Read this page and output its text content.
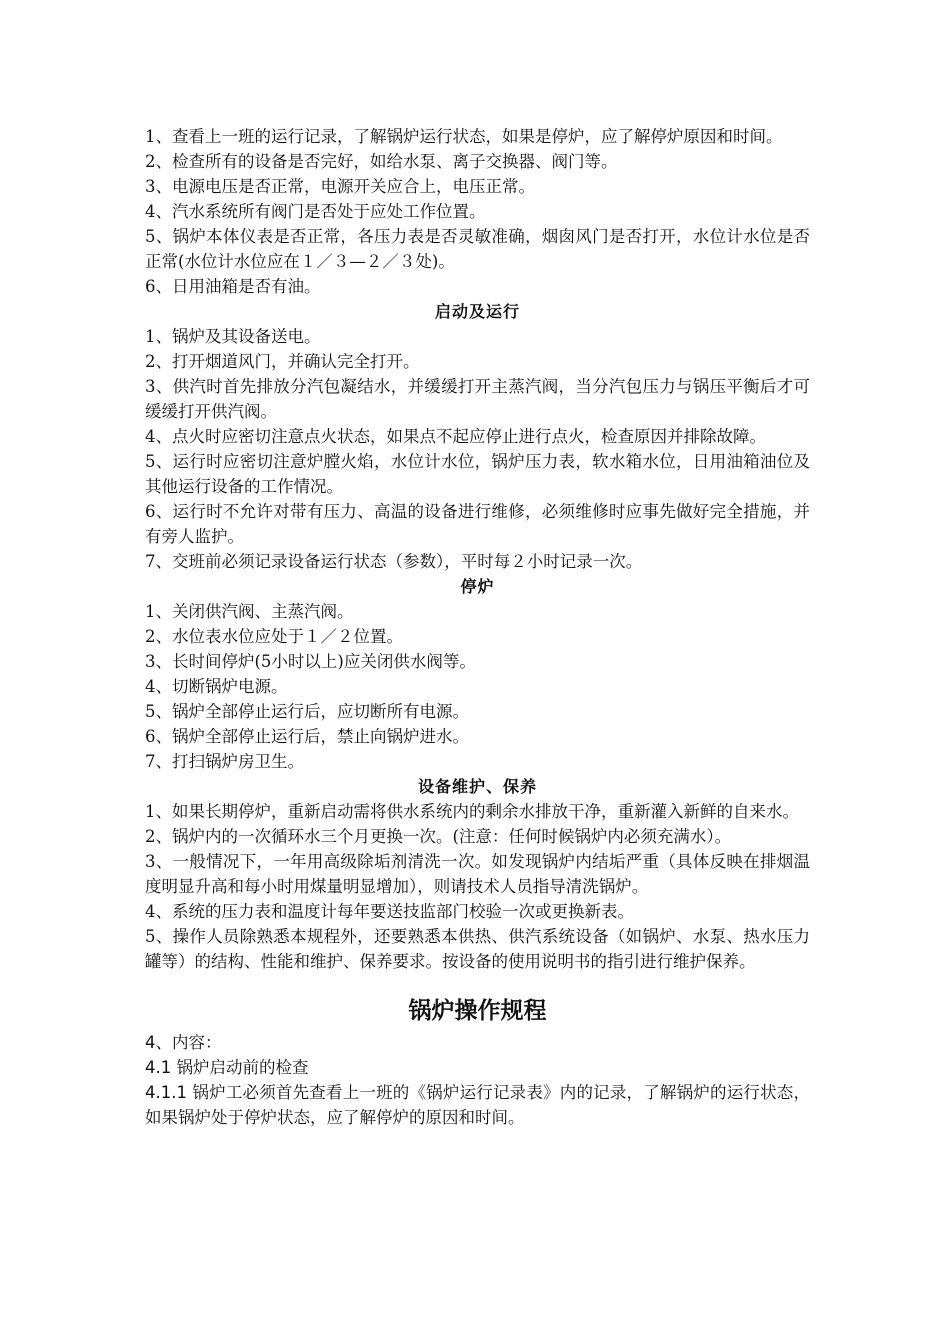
1、查看上一班的运行记录，了解锅炉运行状态，如果是停炉，应了解停炉原因和时间。

2、检查所有的设备是否完好，如给水泵、离子交换器、阀门等。

3、电源电压是否正常，电源开关应合上，电压正常。

4、汽水系统所有阀门是否处于应处工作位置。

5、锅炉本体仪表是否正常，各压力表是否灵敏准确，烟囱风门是否打开，水位计水位是否正常(水位计水位应在１／３—２／３处)。

6、日用油箱是否有油。

启动及运行

1、锅炉及其设备送电。

2、打开烟道风门，并确认完全打开。

3、供汽时首先排放分汽包凝结水，并缓缓打开主蒸汽阀，当分汽包压力与锅压平衡后才可缓缓打开供汽阀。

4、点火时应密切注意点火状态，如果点不起应停止进行点火，检查原因并排除故障。

5、运行时应密切注意炉膛火焰，水位计水位，锅炉压力表，软水箱水位，日用油箱油位及其他运行设备的工作情况。

6、运行时不允许对带有压力、高温的设备进行维修，必须维修时应事先做好完全措施，并有旁人监护。

7、交班前必须记录设备运行状态（参数），平时每２小时记录一次。

停炉

1、关闭供汽阀、主蒸汽阀。

2、水位表水位应处于１／２位置。

3、长时间停炉(5小时以上)应关闭供水阀等。

4、切断锅炉电源。

5、锅炉全部停止运行后，应切断所有电源。

6、锅炉全部停止运行后，禁止向锅炉进水。

7、打扫锅炉房卫生。

设备维护、保养

1、如果长期停炉，重新启动需将供水系统内的剩余水排放干净，重新灌入新鲜的自来水。

2、锅炉内的一次循环水三个月更换一次。(注意：任何时候锅炉内必须充满水）。

3、一般情况下，一年用高级除垢剂清洗一次。如发现锅炉内结垢严重（具体反映在排烟温度明显升高和每小时用煤量明显增加），则请技术人员指导清洗锅炉。

4、系统的压力表和温度计每年要送技监部门校验一次或更换新表。

5、操作人员除熟悉本规程外，还要熟悉本供热、供汽系统设备（如锅炉、水泵、热水压力罐等）的结构、性能和维护、保养要求。按设备的使用说明书的指引进行维护保养。

锅炉操作规程

4、内容：

4.1 锅炉启动前的检查

4.1.1 锅炉工必须首先查看上一班的《锅炉运行记录表》内的记录，了解锅炉的运行状态，如果锅炉处于停炉状态，应了解停炉的原因和时间。
